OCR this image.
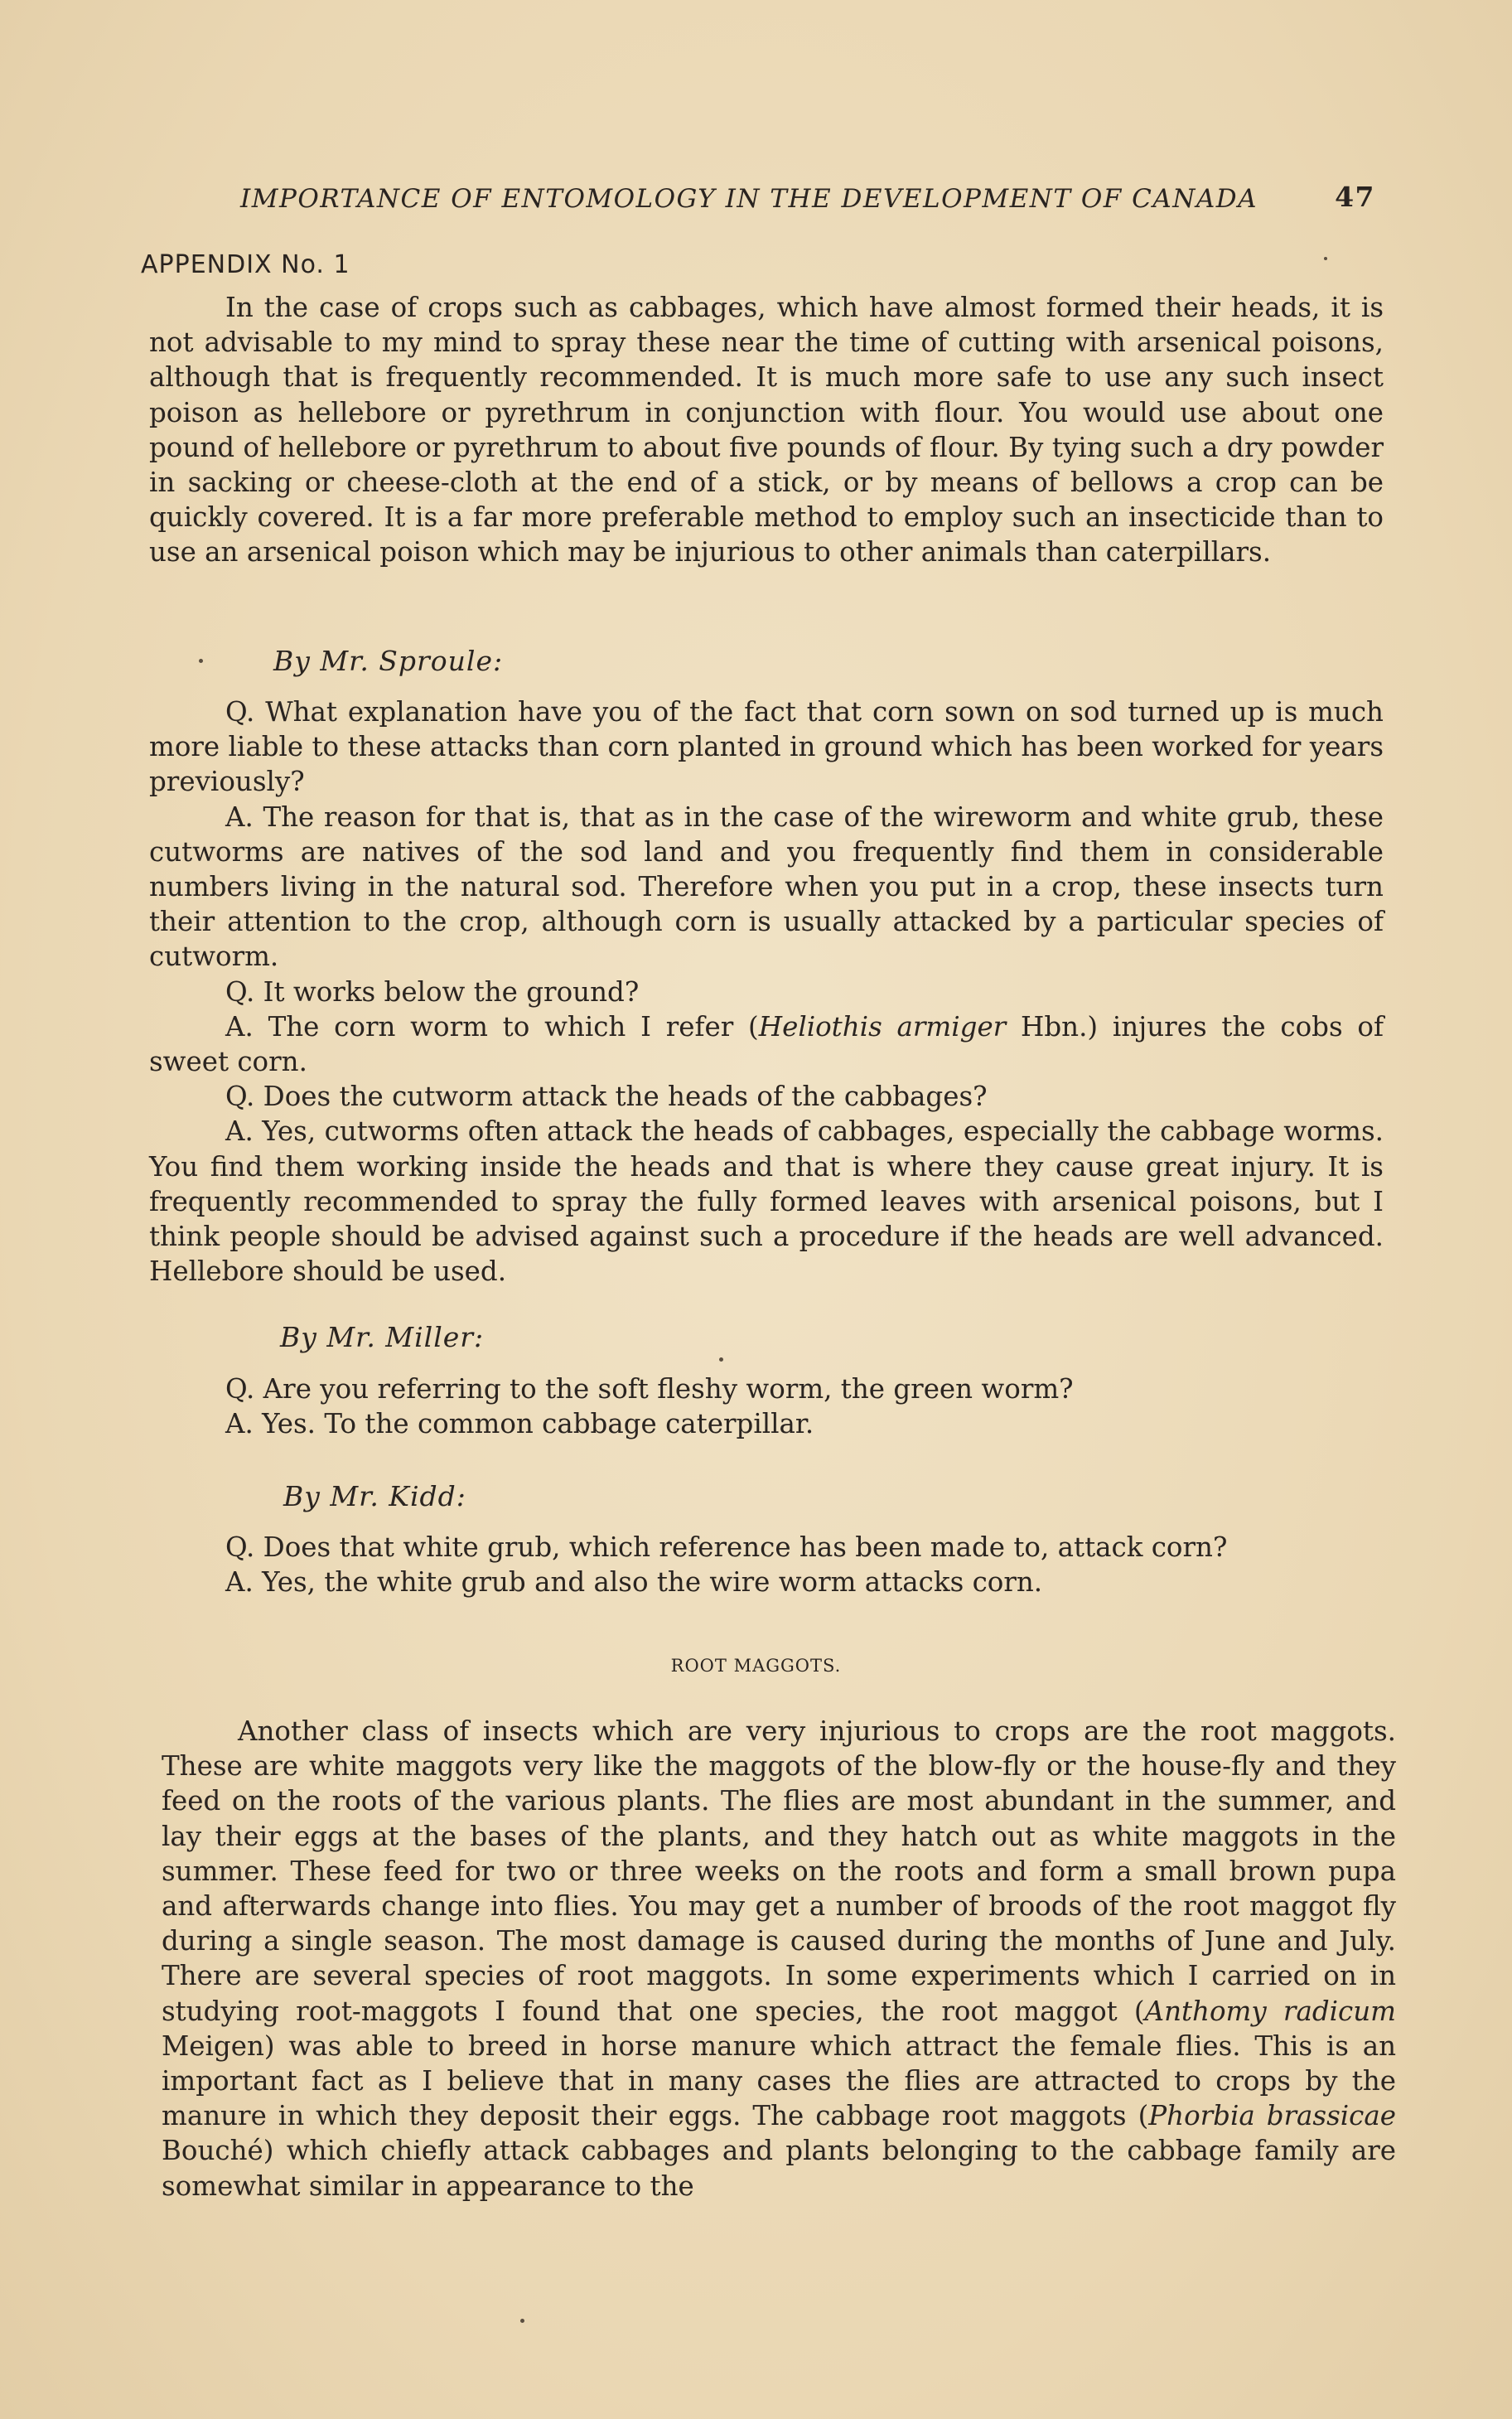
IMPORTANCE OF ENTOMOLOGY IN THE DEVELOPMENT OF CANADA	47
APPENDIX No. 1

In the case of crops such as cabbages, which have almost formed their heads, it is not advisable to my mind to spray these near the time of cutting with arsenical poisons, although that is frequently recommended. It is much more safe to use any such insect poison as hellebore or pyrethrum in conjunction with flour. You would use about one pound of hellebore or pyrethrum to about five pounds of flour. By tying such a dry powder in sacking or cheese-cloth at the end of a stick, or by means of bellows a crop can be quickly covered. It is a far more preferable method to employ such an insecticide than to use an arsenical poison which may be injurious to other animals than caterpillars.

By Mr. Sproule:

Q. What explanation have you of the fact that corn sown on sod turned up is much more liable to these attacks than corn planted in ground which has been worked for years previously?

A. The reason for that is, that as in the case of the wireworm and white grub, these cutworms are natives of the sod land and you frequently find them in considerable numbers living in the natural sod. Therefore when you put in a crop, these insects turn their attention to the crop, although corn is usually attacked by a particular species of cutworm.

Q. It works below the ground?

A. The corn worm to which I refer (Heliothis armiger Hbn.) injures the cobs of sweet corn.

Q. Does the cutworm attack the heads of the cabbages?

A. Yes, cutworms often attack the heads of cabbages, especially the cabbage worms. You find them working inside the heads and that is where they cause great injury. It is frequently recommended to spray the fully formed leaves with arsenical poisons, but I think people should be advised against such a procedure if the heads are well advanced. Hellebore should be used.

By Mr. Miller:

Q. Are you referring to the soft fleshy worm, the green worm?

A. Yes. To the common cabbage caterpillar.

By Mr. Kidd:

Q. Does that white grub, which reference has been made to, attack corn?

A. Yes, the white grub and also the wire worm attacks corn.

ROOT MAGGOTS.

Another class of insects which are very injurious to crops are the root maggots. These are white maggots very like the maggots of the blow-fly or the house-fly and they feed on the roots of the various plants. The flies are most abundant in the summer, and lay their eggs at the bases of the plants, and they hatch out as white maggots in the summer. These feed for two or three weeks on the roots and form a small brown pupa and afterwards change into flies. You may get a number of broods of the root maggot fly during a single season. The most damage is caused during the months of June and July. There are several species of root maggots. In some experiments which I carried on in studying root-maggots I found that one species, the root maggot (Anthomy radicum Meigen) was able to breed in horse manure which attract the female flies. This is an important fact as I believe that in many cases the flies are attracted to crops by the manure in which they deposit their eggs. The cabbage root maggots (Phorbia brassicae Bouché) which chiefly attack cabbages and plants belonging to the cabbage family are somewhat similar in appearance to the
